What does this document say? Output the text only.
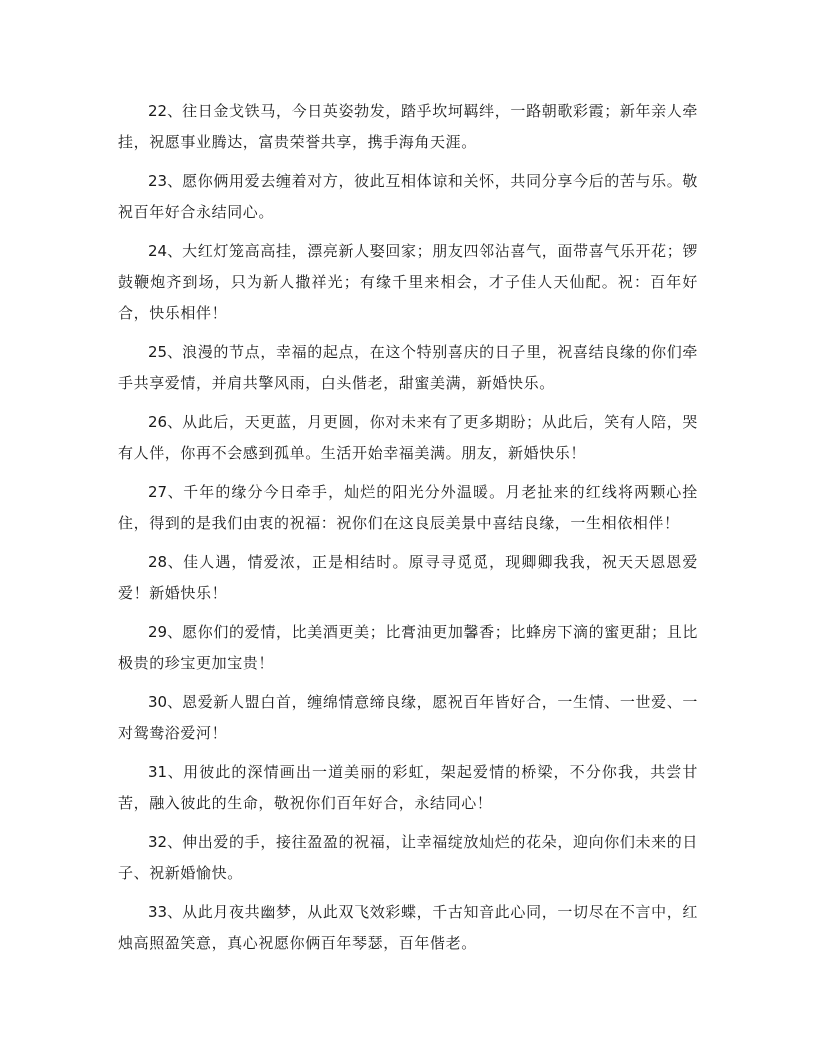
22、往日金戈铁马，今日英姿勃发，踏乎坎坷羁绊，一路朝歌彩霞；新年亲人牵挂，祝愿事业腾达，富贵荣誉共享，携手海角天涯。

23、愿你俩用爱去缠着对方，彼此互相体谅和关怀，共同分享今后的苦与乐。敬祝百年好合永结同心。

24、大红灯笼高高挂，漂亮新人娶回家；朋友四邻沾喜气，面带喜气乐开花；锣鼓鞭炮齐到场，只为新人撒祥光；有缘千里来相会，才子佳人天仙配。祝：百年好合，快乐相伴！

25、浪漫的节点，幸福的起点，在这个特别喜庆的日子里，祝喜结良缘的你们牵手共享爱情，并肩共擎风雨，白头偕老，甜蜜美满，新婚快乐。

26、从此后，天更蓝，月更圆，你对未来有了更多期盼；从此后，笑有人陪，哭有人伴，你再不会感到孤单。生活开始幸福美满。朋友，新婚快乐！

27、千年的缘分今日牵手，灿烂的阳光分外温暖。月老扯来的红线将两颗心拴住，得到的是我们由衷的祝福：祝你们在这良辰美景中喜结良缘，一生相依相伴！

28、佳人遇，情爱浓，正是相结时。原寻寻觅觅，现卿卿我我，祝天天恩恩爱爱！新婚快乐！

29、愿你们的爱情，比美酒更美；比膏油更加馨香；比蜂房下滴的蜜更甜；且比极贵的珍宝更加宝贵！

30、恩爱新人盟白首，缠绵情意缔良缘，愿祝百年皆好合，一生情、一世爱、一对鸳鸯浴爱河！

31、用彼此的深情画出一道美丽的彩虹，架起爱情的桥梁，不分你我，共尝甘苦，融入彼此的生命，敬祝你们百年好合，永结同心！

32、伸出爱的手，接往盈盈的祝福，让幸福绽放灿烂的花朵，迎向你们未来的日子、祝新婚愉快。

33、从此月夜共幽梦，从此双飞效彩蝶，千古知音此心同，一切尽在不言中，红烛高照盈笑意，真心祝愿你俩百年琴瑟，百年偕老。
